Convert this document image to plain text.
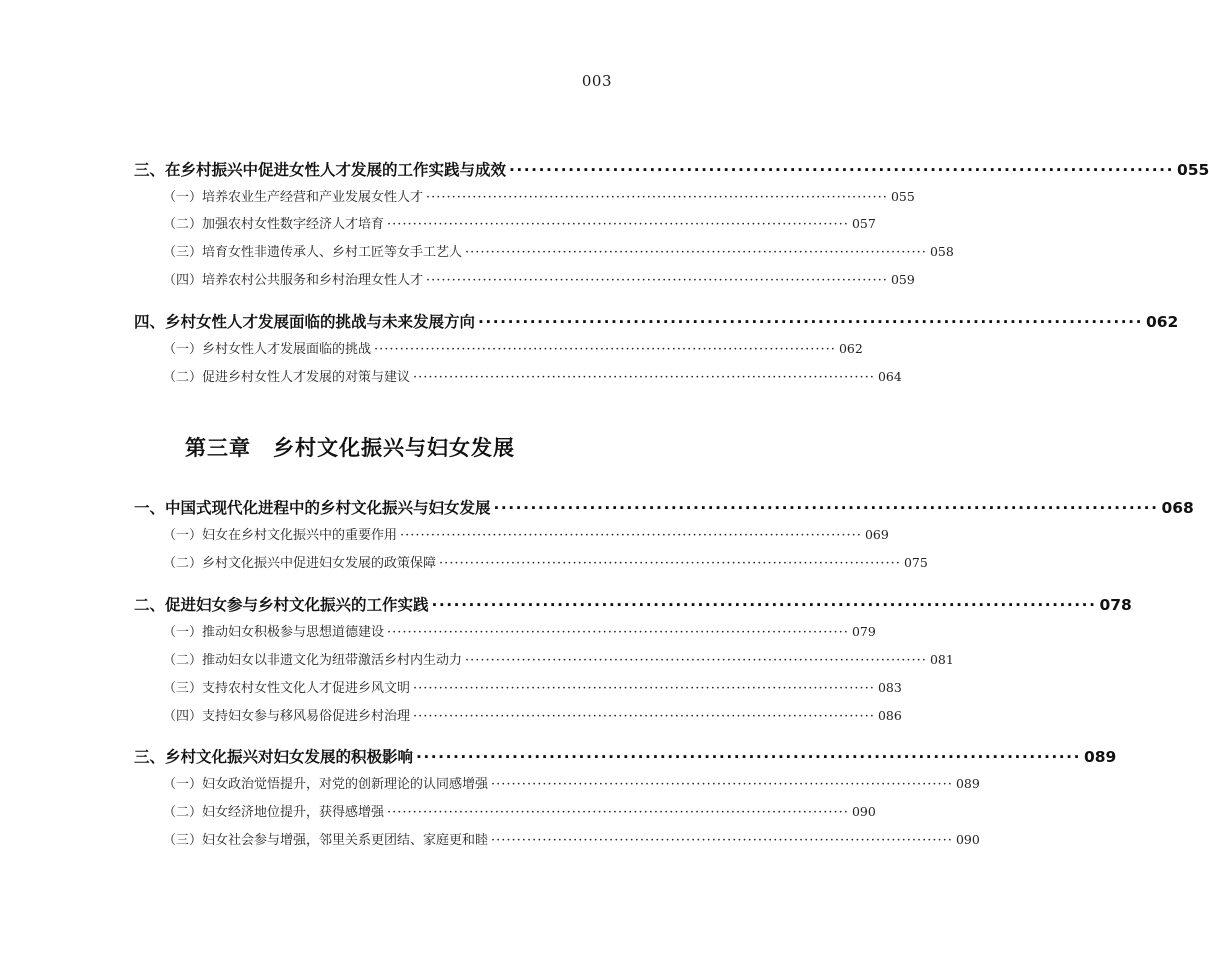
003
三、在乡村振兴中促进女性人才发展的工作实践与成效 ·························································································· 055
（一）培养农业生产经营和产业发展女性人才 ·························································································· 055
（二）加强农村女性数字经济人才培育 ·························································································· 057
（三）培育女性非遗传承人、乡村工匠等女手工艺人 ·························································································· 058
（四）培养农村公共服务和乡村治理女性人才 ·························································································· 059
四、乡村女性人才发展面临的挑战与未来发展方向 ·························································································· 062
（一）乡村女性人才发展面临的挑战 ·························································································· 062
（二）促进乡村女性人才发展的对策与建议 ·························································································· 064
第三章 乡村文化振兴与妇女发展
一、中国式现代化进程中的乡村文化振兴与妇女发展 ·························································································· 068
（一）妇女在乡村文化振兴中的重要作用 ·························································································· 069
（二）乡村文化振兴中促进妇女发展的政策保障 ·························································································· 075
二、促进妇女参与乡村文化振兴的工作实践 ·························································································· 078
（一）推动妇女积极参与思想道德建设 ·························································································· 079
（二）推动妇女以非遗文化为纽带激活乡村内生动力 ·························································································· 081
（三）支持农村女性文化人才促进乡风文明 ·························································································· 083
（四）支持妇女参与移风易俗促进乡村治理 ·························································································· 086
三、乡村文化振兴对妇女发展的积极影响 ·························································································· 089
（一）妇女政治觉悟提升，对党的创新理论的认同感增强 ·························································································· 089
（二）妇女经济地位提升，获得感增强 ·························································································· 090
（三）妇女社会参与增强，邻里关系更团结、家庭更和睦 ·························································································· 090
